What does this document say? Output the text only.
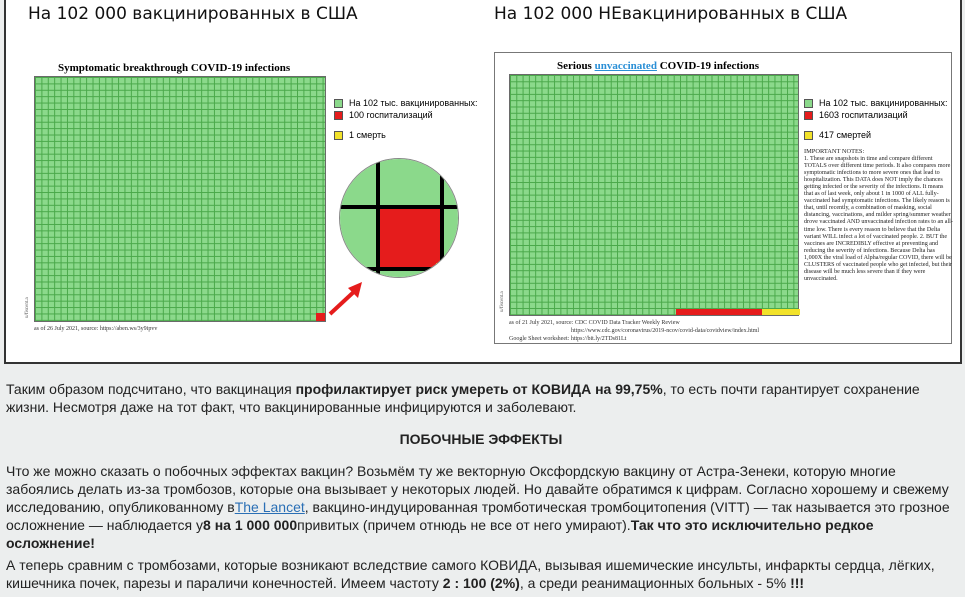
На 102 000 вакцинированных в США	На 102 000 НЕвакцинированных в США
Symptomatic breakthrough COVID-19 infections
u/fiscent.a
as of 26 July 2021, source: https://aben.ws/3y9ipvv
На 102 тыс. вакцинированных:
100 госпитализаций
1 смерть
Serious unvaccinated COVID-19 infections
u/fiscent.a
as of 21 July 2021, source: CDC COVID Data Tracker Weekly Review
https://www.cdc.gov/coronavirus/2019-ncov/covid-data/covidview/index.html
Google Sheet worksheet: https://bit.ly/2TDs81Lt
На 102 тыс. вакцинированных:
1603 госпитализаций
417 смертей
IMPORTANT NOTES:
1. These are snapshots in time and compare different TOTALS over different time periods. It also compares more symptomatic infections to more severe ones that lead to hospitalization. This DATA does NOT imply the chances getting infected or the severity of the infections. It means that as of last week, only about 1 in 1000 of ALL fully-vaccinated had symptomatic infections. The likely reason is that, until recently, a combination of masking, social distancing, vaccinations, and milder spring/summer weather drove vaccinated AND unvaccinated infection rates to an all-time low. There is every reason to believe that the Delta variant WILL infect a lot of vaccinated people. 2. BUT the vaccines are INCREDIBLY effective at preventing and reducing the severity of infections. Because Delta has 1,000X the viral load of Alpha/regular COVID, there will be CLUSTERS of vaccinated people who get infected, but their disease will be much less severe than if they were unvaccinated.
Таким образом подсчитано, что вакцинация профилактирует риск умереть от КОВИДА на 99,75%, то есть почти гарантирует сохранение жизни. Несмотря даже на тот факт, что вакцинированные инфицируются и заболевают.
ПОБОЧНЫЕ ЭФФЕКТЫ
Что же можно сказать о побочных эффектах вакцин? Возьмём ту же векторную Оксфордскую вакцину от Астра-Зенеки, которую многие забоялись делать из-за тромбозов, которые она вызывает у некоторых людей. Но давайте обратимся к цифрам. Согласно хорошему и свежему исследованию, опубликованному вThe Lancet, вакцино-индуцированная тромботическая тромбоцитопения (VITT) — так называется это грозное осложнение — наблюдается у8 на 1 000 000привитых (причем отнюдь не все от него умирают).Так что это исключительно редкое осложнение!
А теперь сравним с тромбозами, которые возникают вследствие самого КОВИДА, вызывая ишемические инсульты, инфаркты сердца, лёгких, кишечника почек, парезы и параличи конечностей. Имеем частоту 2 : 100 (2%), а среди реанимационных больных - 5% !!!
